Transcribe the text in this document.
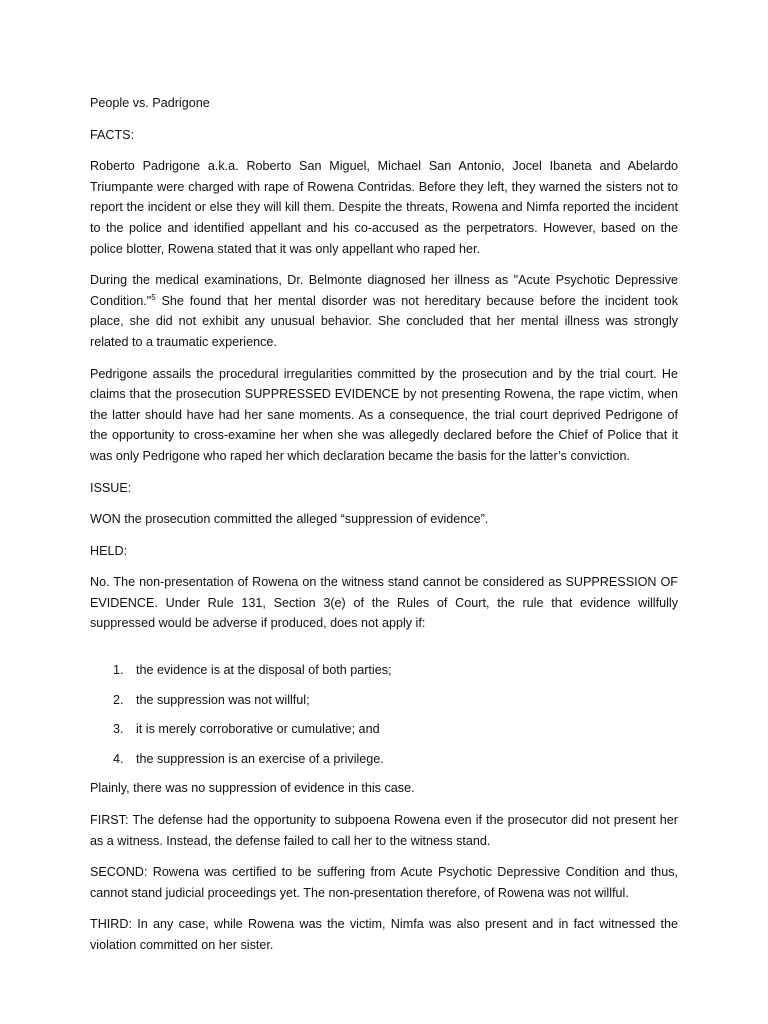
People vs. Padrigone

FACTS:

Roberto Padrigone a.k.a. Roberto San Miguel, Michael San Antonio, Jocel Ibaneta and Abelardo Triumpante were charged with rape of Rowena Contridas. Before they left, they warned the sisters not to report the incident or else they will kill them. Despite the threats, Rowena and Nimfa reported the incident to the police and identified appellant and his co-accused as the perpetrators. However, based on the police blotter, Rowena stated that it was only appellant who raped her.

During the medical examinations, Dr. Belmonte diagnosed her illness as "Acute Psychotic Depressive Condition."$^5$ She found that her mental disorder was not hereditary because before the incident took place, she did not exhibit any unusual behavior. She concluded that her mental illness was strongly related to a traumatic experience.

Pedrigone assails the procedural irregularities committed by the prosecution and by the trial court. He claims that the prosecution SUPPRESSED EVIDENCE by not presenting Rowena, the rape victim, when the latter should have had her sane moments. As a consequence, the trial court deprived Pedrigone of the opportunity to cross-examine her when she was allegedly declared before the Chief of Police that it was only Pedrigone who raped her which declaration became the basis for the latter’s conviction.

ISSUE:

WON the prosecution committed the alleged “suppression of evidence”.

HELD:

No. The non-presentation of Rowena on the witness stand cannot be considered as SUPPRESSION OF EVIDENCE. Under Rule 131, Section 3(e) of the Rules of Court, the rule that evidence willfully suppressed would be adverse if produced, does not apply if:

1. the evidence is at the disposal of both parties;
2. the suppression was not willful;
3. it is merely corroborative or cumulative; and
4. the suppression is an exercise of a privilege.

Plainly, there was no suppression of evidence in this case.

FIRST: The defense had the opportunity to subpoena Rowena even if the prosecutor did not present her as a witness. Instead, the defense failed to call her to the witness stand.

SECOND: Rowena was certified to be suffering from Acute Psychotic Depressive Condition and thus, cannot stand judicial proceedings yet. The non-presentation therefore, of Rowena was not willful.

THIRD: In any case, while Rowena was the victim, Nimfa was also present and in fact witnessed the violation committed on her sister.
